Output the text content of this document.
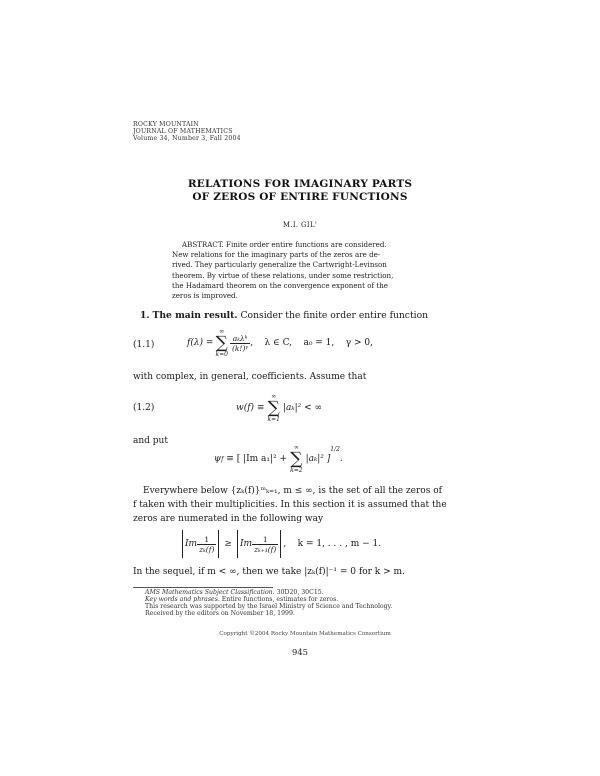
ROCKY MOUNTAIN
JOURNAL OF MATHEMATICS
Volume 34, Number 3, Fall 2004
RELATIONS FOR IMAGINARY PARTS
OF ZEROS OF ENTIRE FUNCTIONS
M.I. GIL'
ABSTRACT. Finite order entire functions are considered.
New relations for the imaginary parts of the zeros are de-
rived. They particularly generalize the Cartwright-Levinson
theorem. By virtue of these relations, under some restriction,
the Hadamard theorem on the convergence exponent of the
zeros is improved.
1. The main result. Consider the finite order entire function
(1.1)	f(λ) =
∞
∑
k=0
$\frac{\text{aₖλᵏ}}{\text{(k!)ᵞ}}$ ,    λ ∈ C,    a₀ = 1,    γ > 0,
with complex, in general, coefficients. Assume that
(1.2)	w(f) ≡
∞
∑
k=1
|aₖ|² < ∞
and put
ψ f ≡ [ |Im a₁|² +
∞
∑
k=2
|aₖ|² ]
1/2
.
Everywhere below {zₖ(f)}ᵐₖ₌₁, m ≤ ∞, is the set of all the zeros of
f taken with their multiplicities. In this section it is assumed that the
zeros are numerated in the following way
Im $\frac{1}{\text{zₖ(f)}} \ge Im \frac{1}{\text{zₖ₊₁(f)}}$ ,    k = 1, . . . , m − 1.
In the sequel, if m < ∞, then we take |zₖ(f)|⁻¹ = 0 for k > m.
AMS Mathematics Subject Classification. 30D20, 30C15.
Key words and phrases. Entire functions, estimates for zeros.
This research was supported by the Israel Ministry of Science and Technology.
Received by the editors on November 18, 1999.
Copyright ©2004 Rocky Mountain Mathematics Consortium
945
